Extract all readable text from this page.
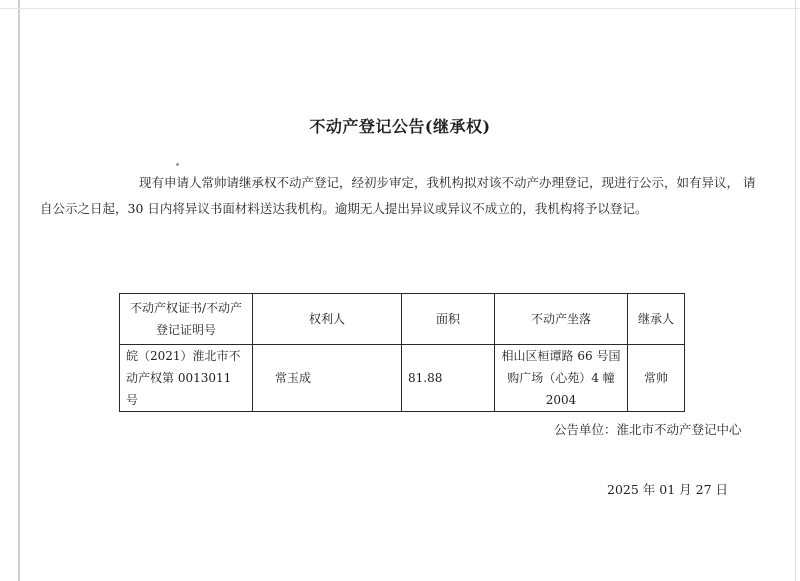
不动产登记公告(继承权)
现有申请人常帅请继承权不动产登记，经初步审定，我机构拟对该不动产办理登记，现进行公示，如有异议， 请
自公示之日起，30 日内将异议书面材料送达我机构。逾期无人提出异议或异议不成立的，我机构将予以登记。
不动产权证书/不动产登记证明号	权利人	面积	不动产坐落	继承人
皖（2021）淮北市不动产权第 0013011 号	常玉成	81.88	相山区桓谭路 66 号国购广场（心苑）4 幢 2004	常帅
公告单位：淮北市不动产登记中心
2025 年 01 月 27 日
